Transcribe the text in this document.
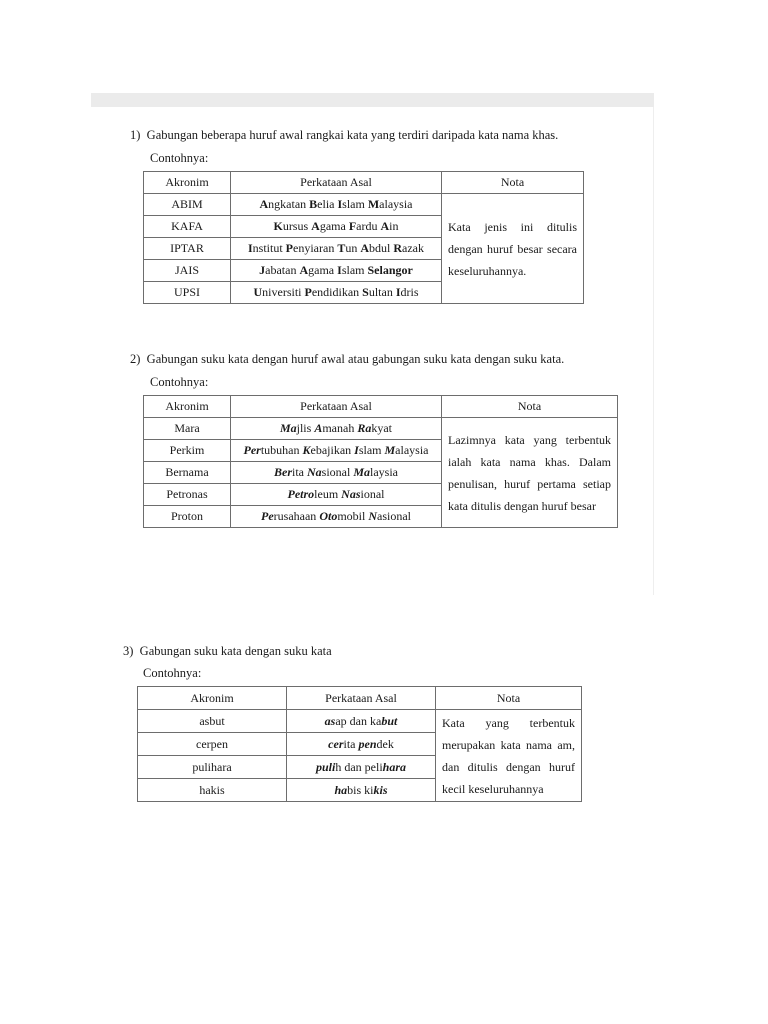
1) Gabungan beberapa huruf awal rangkai kata yang terdiri daripada kata nama khas.
Contohnya:
Akronim	Perkataan Asal	Nota
ABIM	Angkatan Belia Islam Malaysia	Kata jenis ini ditulis
dengan huruf besar secara
keseluruhannya.

KAFA	Kursus Agama Fardu Ain	
IPTAR	Institut Penyiaran Tun Abdul Razak	
JAIS	Jabatan Agama Islam Selangor	
UPSI	Universiti Pendidikan Sultan Idris	
2) Gabungan suku kata dengan huruf awal atau gabungan suku kata dengan suku kata.
Contohnya:
Akronim	Perkataan Asal	Nota
Mara	Majlis Amanah Rakyat	Lazimnya kata yang terbentuk
ialah kata nama khas. Dalam
penulisan, huruf pertama setiap
kata ditulis dengan huruf besar

Perkim	Pertubuhan Kebajikan Islam Malaysia	
Bernama	Berita Nasional Malaysia	
Petronas	Petroleum Nasional	
Proton	Perusahaan Otomobil Nasional	
3) Gabungan suku kata dengan suku kata
Contohnya:
Akronim	Perkataan Asal	Nota
asbut	asap dan kabut	Kata yang terbentuk
merupakan kata nama am,
dan ditulis dengan huruf
kecil keseluruhannya

cerpen	cerita pendek	
pulihara	pulih dan pelihara	
hakis	habis kikis	
